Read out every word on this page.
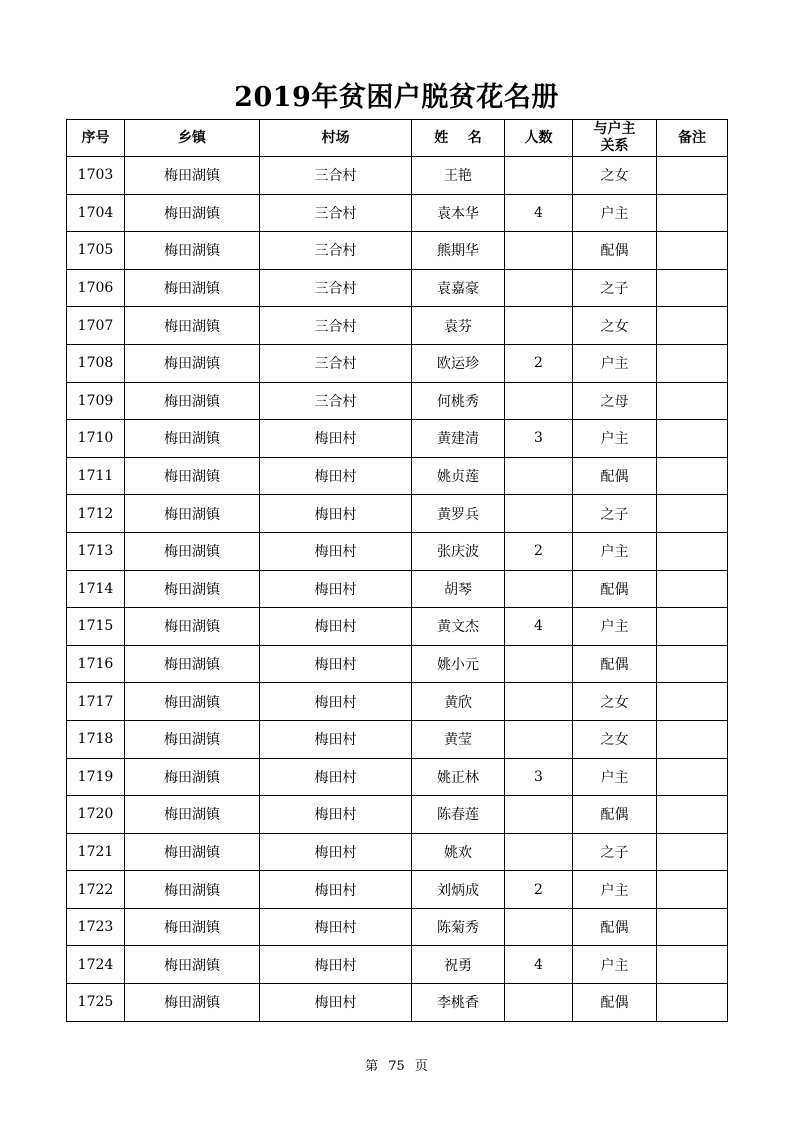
2019年贫困户脱贫花名册
序号	乡镇	村场	姓    名	人数	与户主关系	备注
1703	梅田湖镇	三合村	王艳		之女	
1704	梅田湖镇	三合村	袁本华	4	户主	
1705	梅田湖镇	三合村	熊期华		配偶	
1706	梅田湖镇	三合村	袁嘉豪		之子	
1707	梅田湖镇	三合村	袁芬		之女	
1708	梅田湖镇	三合村	欧运珍	2	户主	
1709	梅田湖镇	三合村	何桃秀		之母	
1710	梅田湖镇	梅田村	黄建清	3	户主	
1711	梅田湖镇	梅田村	姚贞莲		配偶	
1712	梅田湖镇	梅田村	黄罗兵		之子	
1713	梅田湖镇	梅田村	张庆波	2	户主	
1714	梅田湖镇	梅田村	胡琴		配偶	
1715	梅田湖镇	梅田村	黄文杰	4	户主	
1716	梅田湖镇	梅田村	姚小元		配偶	
1717	梅田湖镇	梅田村	黄欣		之女	
1718	梅田湖镇	梅田村	黄莹		之女	
1719	梅田湖镇	梅田村	姚正林	3	户主	
1720	梅田湖镇	梅田村	陈春莲		配偶	
1721	梅田湖镇	梅田村	姚欢		之子	
1722	梅田湖镇	梅田村	刘炳成	2	户主	
1723	梅田湖镇	梅田村	陈菊秀		配偶	
1724	梅田湖镇	梅田村	祝勇	4	户主	
1725	梅田湖镇	梅田村	李桃香		配偶	
第 75 页
